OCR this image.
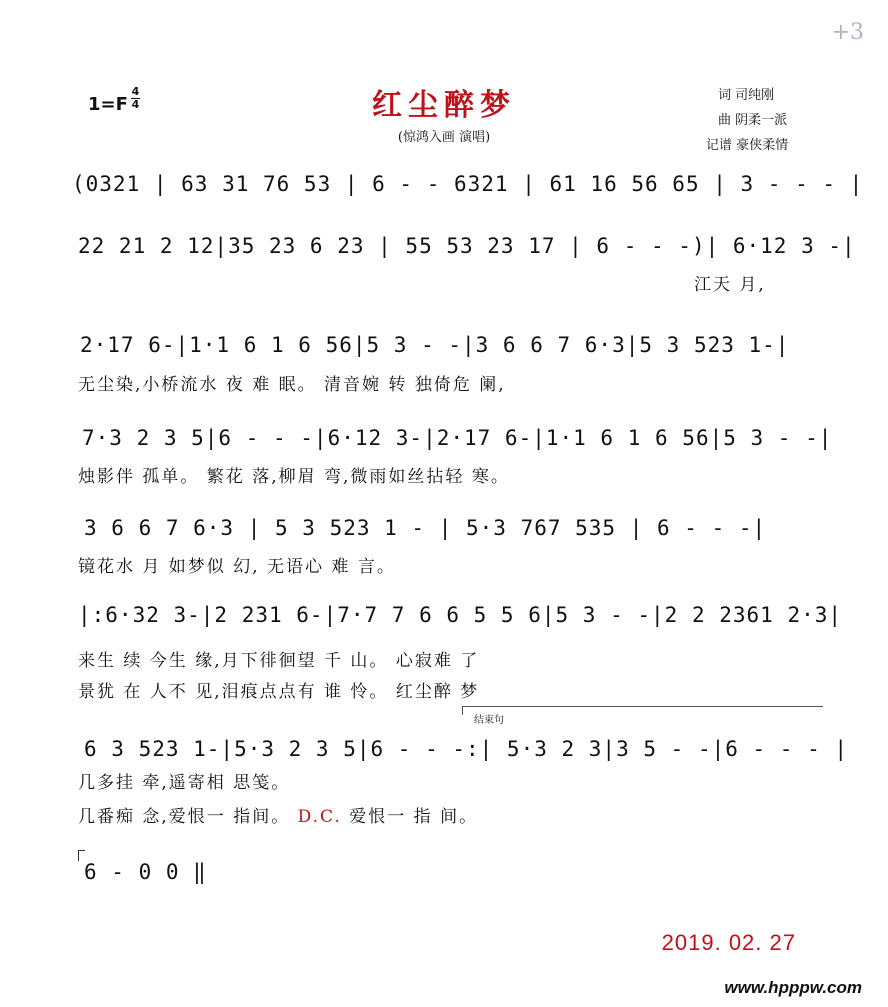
+3
1=F
4
4	红尘醉梦
(惊鸿入画 演唱)
词 司纯刚
曲 阴柔一派
记谱 豪侠柔情
(0321 | 63 31 76 53 | 6 - - 6321 | 61 16 56 65 | 3 - - - |
22 21 2 12|35 23 6 23 | 55 53 23 17 | 6 - - -)| 6·12 3 -|
江天 月,
2·17 6-|1·1 6 1 6 56|5 3 - -|3 6 6 7 6·3|5 3 523 1-|
无尘染,小桥流水 夜 难 眠。 清音婉 转 独倚危 阑,
7·3 2 3 5|6 - - -|6·12 3-|2·17 6-|1·1 6 1 6 56|5 3 - -|
烛影伴 孤单。 繁花 落,柳眉 弯,微雨如丝拈轻 寒。
3 6 6 7 6·3 | 5 3 523 1 - | 5·3 767 535 | 6 - - -|
镜花水 月 如梦似 幻, 无语心 难 言。
|:6·32 3-|2 231 6-|7·7 7 6 6 5 5 6|5 3 - -|2 2 2361 2·3|
来生 续 今生 缘,月下徘徊望 千 山。 心寂难 了
景犹 在 人不 见,泪痕点点有 谁 怜。 红尘醉 梦
结束句
6 3 523 1-|5·3 2 3 5|6 - - -:| 5·3 2 3|3 5 - -|6 - - - |
几多挂 牵,遥寄相 思笺。
几番痴 念,爱恨一 指间。 D.C. 爱恨一 指 间。
6 - 0 0 ‖
2019. 02. 27
www.hpppw.com
